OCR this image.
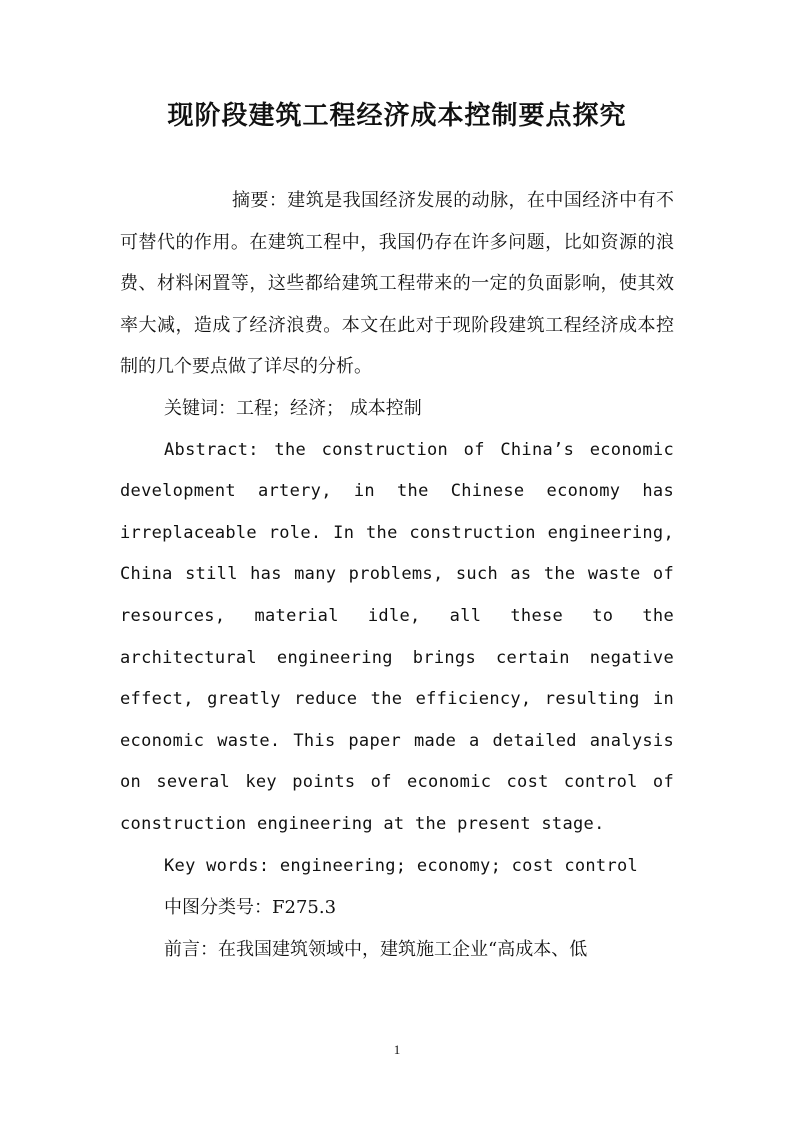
现阶段建筑工程经济成本控制要点探究

摘要：建筑是我国经济发展的动脉，在中国经济中有不可替代的作用。在建筑工程中，我国仍存在许多问题，比如资源的浪费、材料闲置等，这些都给建筑工程带来的一定的负面影响，使其效率大减，造成了经济浪费。本文在此对于现阶段建筑工程经济成本控制的几个要点做了详尽的分析。

关键词：工程；经济； 成本控制

Abstract: the construction of China’s economic development artery, in the Chinese economy has irreplaceable role. In the construction engineering, China still has many problems, such as the waste of resources, material idle, all these to the architectural engineering brings certain negative effect, greatly reduce the efficiency, resulting in economic waste. This paper made a detailed analysis on several key points of economic cost control of construction engineering at the present stage.

Key words: engineering; economy; cost control

中图分类号：F275.3

前言：在我国建筑领域中，建筑施工企业“高成本、低

1
